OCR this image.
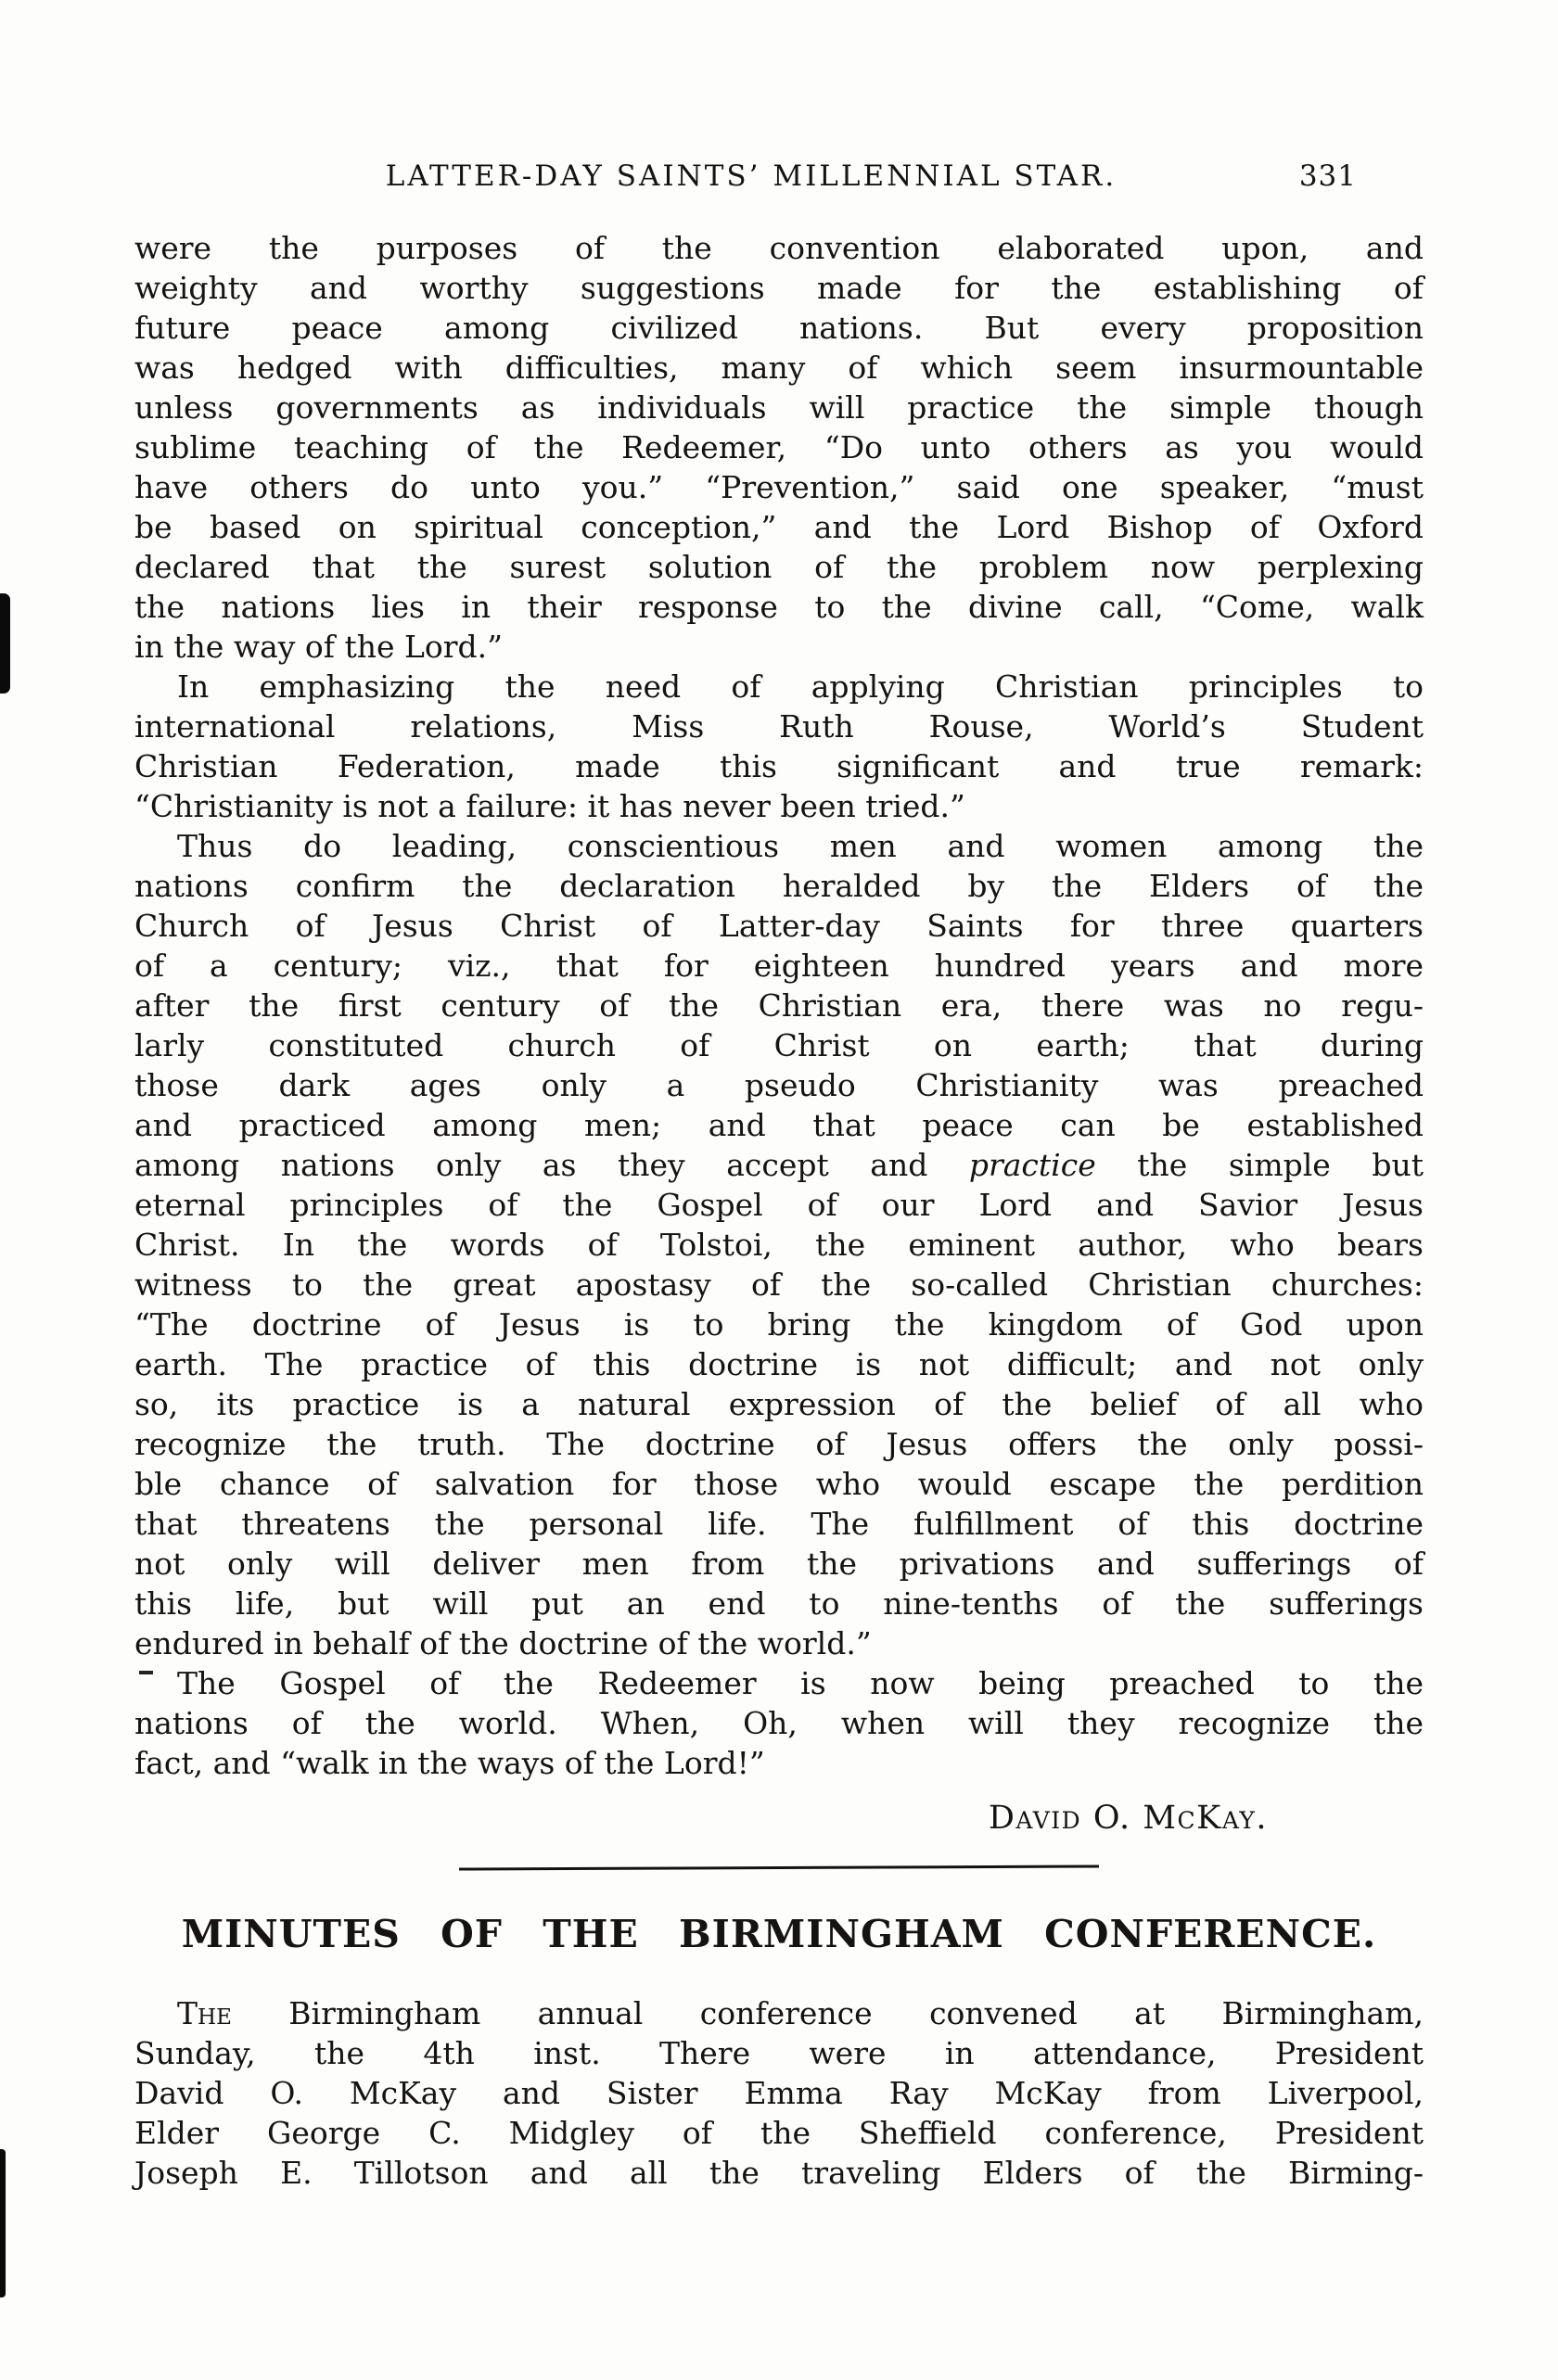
LATTER-DAY SAINTS’ MILLENNIAL STAR.	331
were the purposes of the convention elaborated upon, and
weighty and worthy suggestions made for the establishing of
future peace among civilized nations. But every proposition
was hedged with difficulties, many of which seem insurmountable
unless governments as individuals will practice the simple though
sublime teaching of the Redeemer, “Do unto others as you would
have others do unto you.” “Prevention,” said one speaker, “must
be based on spiritual conception,” and the Lord Bishop of Oxford
declared that the surest solution of the problem now perplexing
the nations lies in their response to the divine call, “Come, walk
in the way of the Lord.”
In emphasizing the need of applying Christian principles to
international relations, Miss Ruth Rouse, World’s Student
Christian Federation, made this significant and true remark:
“Christianity is not a failure: it has never been tried.”
Thus do leading, conscientious men and women among the
nations confirm the declaration heralded by the Elders of the
Church of Jesus Christ of Latter-day Saints for three quarters
of a century; viz., that for eighteen hundred years and more
after the first century of the Christian era, there was no regu-
larly constituted church of Christ on earth; that during
those dark ages only a pseudo Christianity was preached
and practiced among men; and that peace can be established
among nations only as they accept and practice the simple but
eternal principles of the Gospel of our Lord and Savior Jesus
Christ. In the words of Tolstoi, the eminent author, who bears
witness to the great apostasy of the so-called Christian churches:
“The doctrine of Jesus is to bring the kingdom of God upon
earth. The practice of this doctrine is not difficult; and not only
so, its practice is a natural expression of the belief of all who
recognize the truth. The doctrine of Jesus offers the only possi-
ble chance of salvation for those who would escape the perdition
that threatens the personal life. The fulfillment of this doctrine
not only will deliver men from the privations and sufferings of
this life, but will put an end to nine-tenths of the sufferings
endured in behalf of the doctrine of the world.”
The Gospel of the Redeemer is now being preached to the
nations of the world. When, Oh, when will they recognize the
fact, and “walk in the ways of the Lord!”
David O. McKay.
MINUTES OF THE BIRMINGHAM CONFERENCE.
The Birmingham annual conference convened at Birmingham,
Sunday, the 4th inst. There were in attendance, President
David O. McKay and Sister Emma Ray McKay from Liverpool,
Elder George C. Midgley of the Sheffield conference, President
Joseph E. Tillotson and all the traveling Elders of the Birming-
